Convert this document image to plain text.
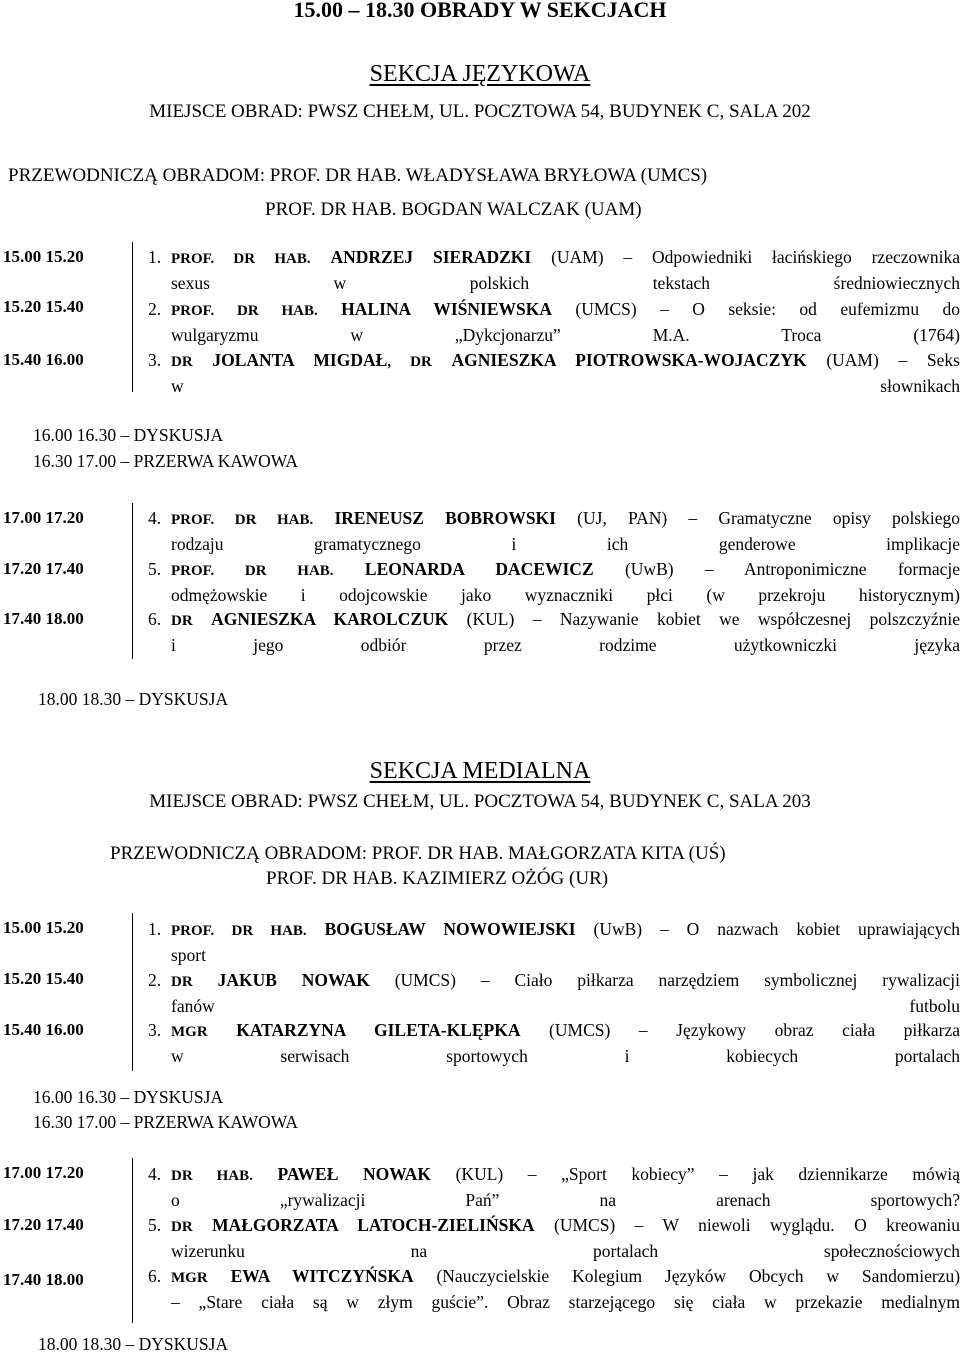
15.00 – 18.30 OBRADY W SEKCJACH
SEKCJA JĘZYKOWA
MIEJSCE OBRAD: PWSZ CHEŁM, UL. POCZTOWA 54, BUDYNEK C, SALA 202
PRZEWODNICZĄ OBRADOM: PROF. DR HAB. WŁADYSŁAWA BRYŁOWA (UMCS)
PROF. DR HAB. BOGDAN WALCZAK (UAM)
15.00 15.20
15.20 15.40
15.40 16.00
1. PROF. DR HAB. ANDRZEJ SIERADZKI (UAM) – Odpowiedniki łacińskiego rzeczownika
sexus w polskich tekstach średniowiecznych
2. PROF. DR HAB. HALINA WIŚNIEWSKA (UMCS) – O seksie: od eufemizmu do
wulgaryzmu w „Dykcjonarzu” M.A. Troca (1764)
3. DR JOLANTA MIGDAŁ, DR AGNIESZKA PIOTROWSKA-WOJACZYK (UAM) – Seks
w słownikach
16.00 16.30 – DYSKUSJA
16.30 17.00 – PRZERWA KAWOWA
17.00 17.20
17.20 17.40
17.40 18.00
4. PROF. DR HAB. IRENEUSZ BOBROWSKI (UJ, PAN) – Gramatyczne opisy polskiego
rodzaju gramatycznego i ich genderowe implikacje
5. PROF. DR HAB. LEONARDA DACEWICZ (UwB) – Antroponimiczne formacje
odmężowskie i odojcowskie jako wyznaczniki płci (w przekroju historycznym)
6. DR AGNIESZKA KAROLCZUK (KUL) – Nazywanie kobiet we współczesnej polszczyźnie
i jego odbiór przez rodzime użytkowniczki języka
18.00 18.30 – DYSKUSJA
SEKCJA MEDIALNA
MIEJSCE OBRAD: PWSZ CHEŁM, UL. POCZTOWA 54, BUDYNEK C, SALA 203
PRZEWODNICZĄ OBRADOM: PROF. DR HAB. MAŁGORZATA KITA (UŚ)
PROF. DR HAB. KAZIMIERZ OŻÓG (UR)
15.00 15.20
15.20 15.40
15.40 16.00
1. PROF. DR HAB. BOGUSŁAW NOWOWIEJSKI (UwB) – O nazwach kobiet uprawiających
sport
2. DR JAKUB NOWAK (UMCS) – Ciało piłkarza narzędziem symbolicznej rywalizacji
fanów futbolu
3. MGR KATARZYNA GILETA-KLĘPKA (UMCS) – Językowy obraz ciała piłkarza
w serwisach sportowych i kobiecych portalach
16.00 16.30 – DYSKUSJA
16.30 17.00 – PRZERWA KAWOWA
17.00 17.20
17.20 17.40
17.40 18.00
4. DR HAB. PAWEŁ NOWAK (KUL) – „Sport kobiecy” – jak dziennikarze mówią
o „rywalizacji Pań” na arenach sportowych?
5. DR MAŁGORZATA LATOCH-ZIELIŃSKA (UMCS) – W niewoli wyglądu. O kreowaniu
wizerunku na portalach społecznościowych
6. MGR EWA WITCZYŃSKA (Nauczycielskie Kolegium Języków Obcych w Sandomierzu)
– „Stare ciała są w złym guście”. Obraz starzejącego się ciała w przekazie medialnym
18.00 18.30 – DYSKUSJA
